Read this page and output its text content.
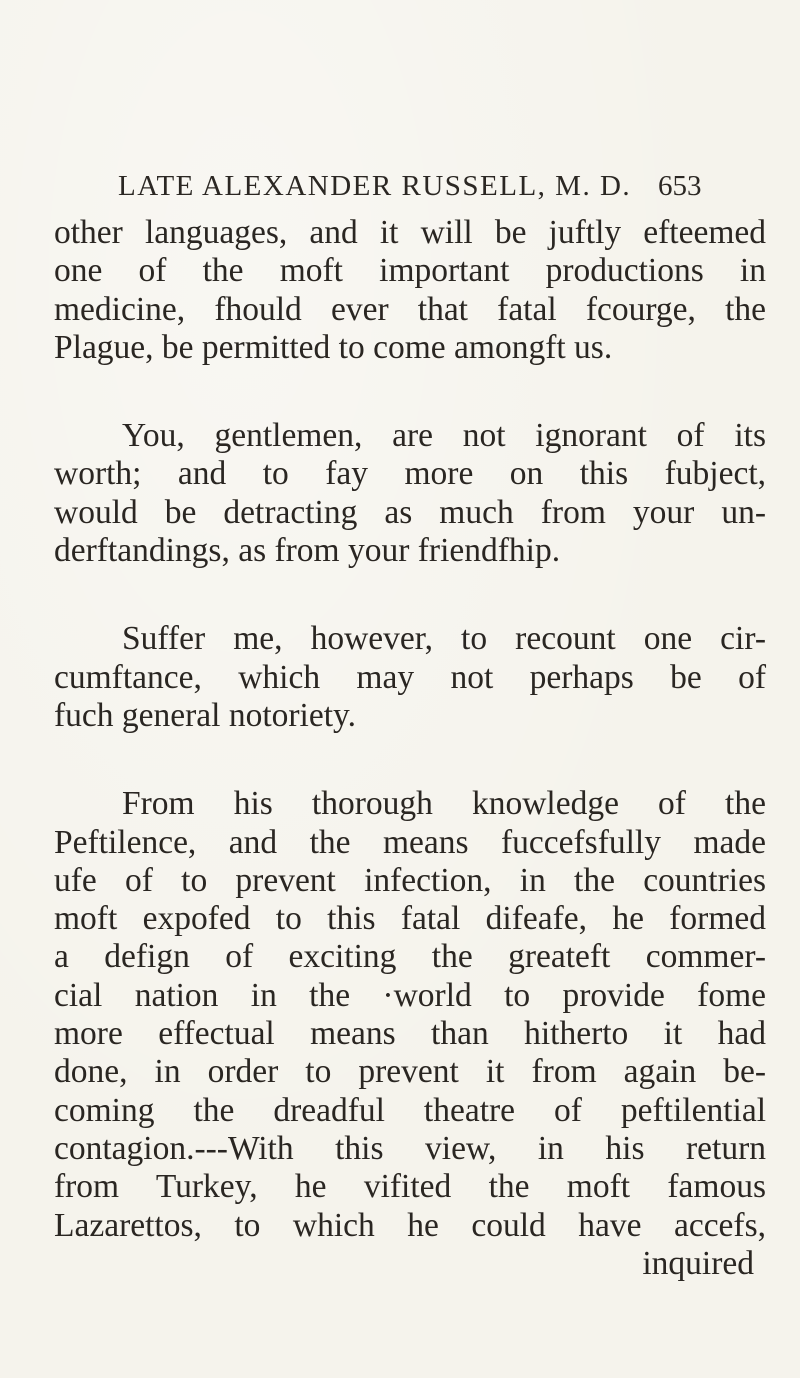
LATE ALEXANDER RUSSELL, M. D. 653
other languages, and it will be juftly efteemed
one of the moft important productions in
medicine, fhould ever that fatal fcourge, the
Plague, be permitted to come amongft us.
You, gentlemen, are not ignorant of its
worth; and to fay more on this fubject,
would be detracting as much from your un-
derftandings, as from your friendfhip.
Suffer me, however, to recount one cir-
cumftance, which may not perhaps be of
fuch general notoriety.
From his thorough knowledge of the
Peftilence, and the means fuccefsfully made
ufe of to prevent infection, in the countries
moft expofed to this fatal difeafe, he formed
a defign of exciting the greateft commer-
cial nation in the ·world to provide fome
more effectual means than hitherto it had
done, in order to prevent it from again be-
coming the dreadful theatre of peftilential
contagion.---With this view, in his return
from Turkey, he vifited the moft famous
Lazarettos, to which he could have accefs,
inquired
